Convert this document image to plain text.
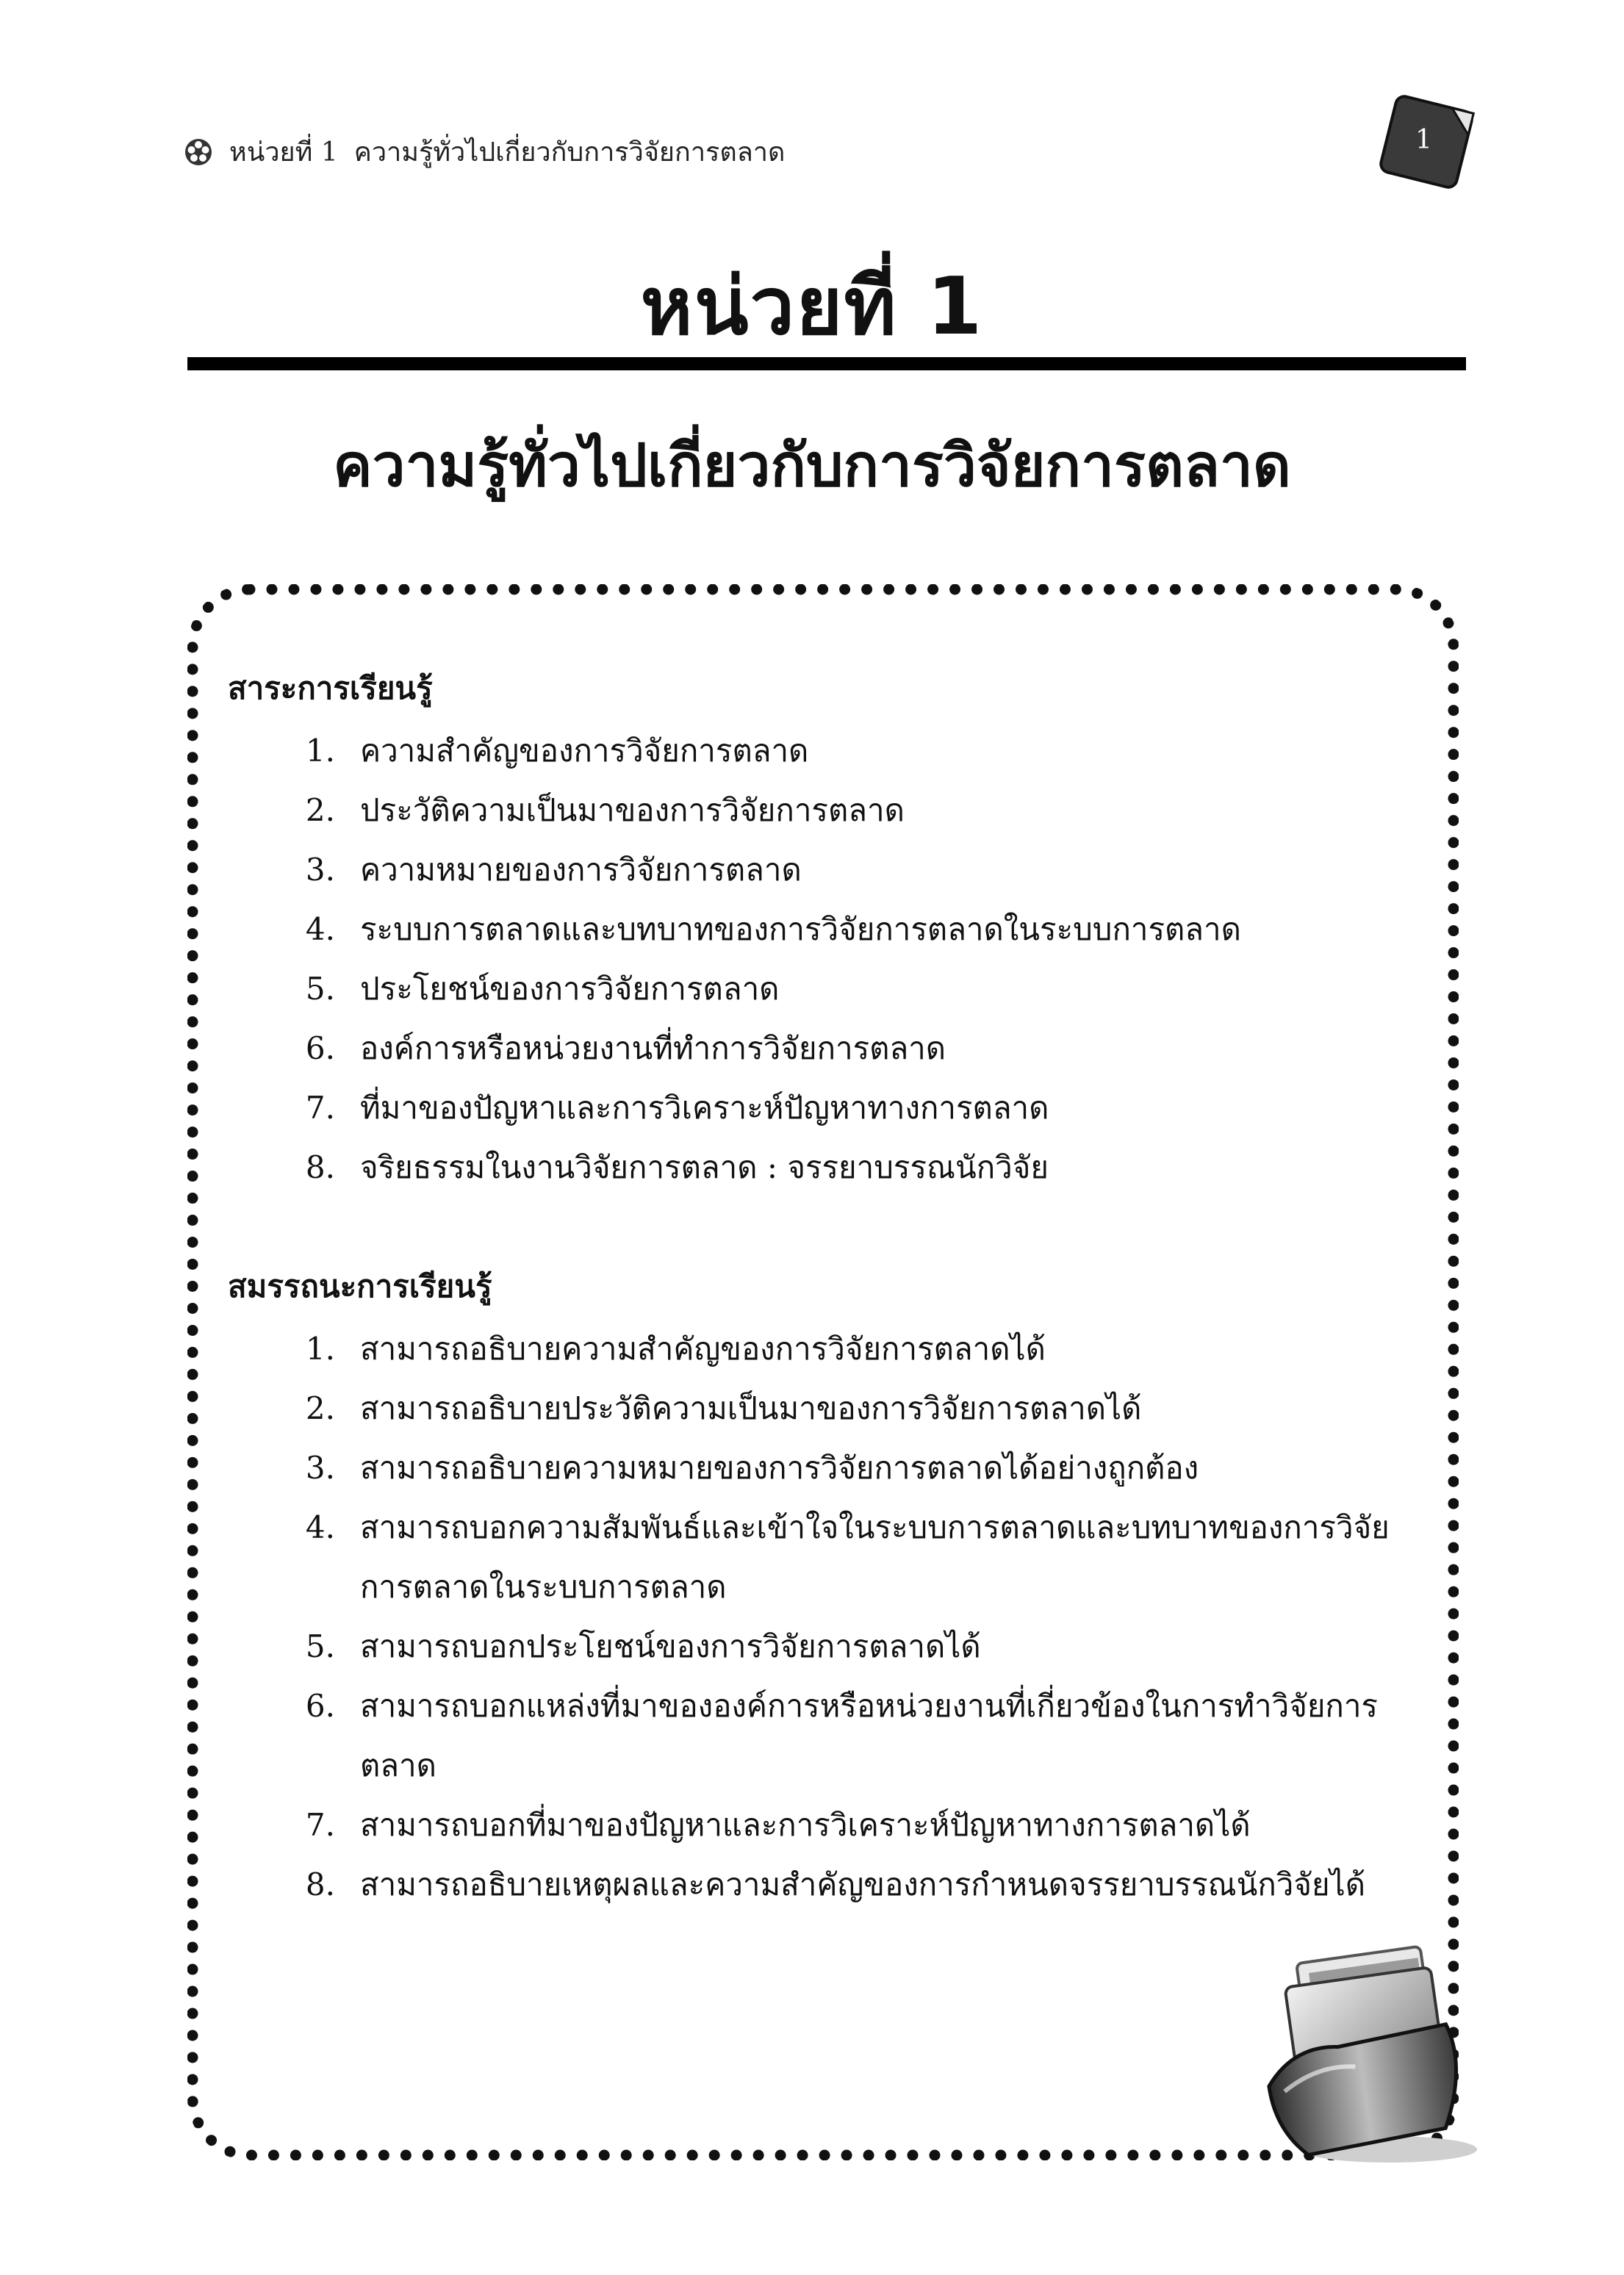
หน่วยที่ 1 ความรู้ทั่วไปเกี่ยวกับการวิจัยการตลาด	1
หน่วยที่ 1
ความรู้ทั่วไปเกี่ยวกับการวิจัยการตลาด
สาระการเรียนรู้
1. ความสำคัญของการวิจัยการตลาด
2. ประวัติความเป็นมาของการวิจัยการตลาด
3. ความหมายของการวิจัยการตลาด
4. ระบบการตลาดและบทบาทของการวิจัยการตลาดในระบบการตลาด
5. ประโยชน์ของการวิจัยการตลาด
6. องค์การหรือหน่วยงานที่ทำการวิจัยการตลาด
7. ที่มาของปัญหาและการวิเคราะห์ปัญหาทางการตลาด
8. จริยธรรมในงานวิจัยการตลาด : จรรยาบรรณนักวิจัย
สมรรถนะการเรียนรู้
1. สามารถอธิบายความสำคัญของการวิจัยการตลาดได้
2. สามารถอธิบายประวัติความเป็นมาของการวิจัยการตลาดได้
3. สามารถอธิบายความหมายของการวิจัยการตลาดได้อย่างถูกต้อง
4. สามารถบอกความสัมพันธ์และเข้าใจในระบบการตลาดและบทบาทของการวิจัยการตลาดในระบบการตลาด
5. สามารถบอกประโยชน์ของการวิจัยการตลาดได้
6. สามารถบอกแหล่งที่มาขององค์การหรือหน่วยงานที่เกี่ยวข้องในการทำวิจัยการตลาด
7. สามารถบอกที่มาของปัญหาและการวิเคราะห์ปัญหาทางการตลาดได้
8. สามารถอธิบายเหตุผลและความสำคัญของการกำหนดจรรยาบรรณนักวิจัยได้
